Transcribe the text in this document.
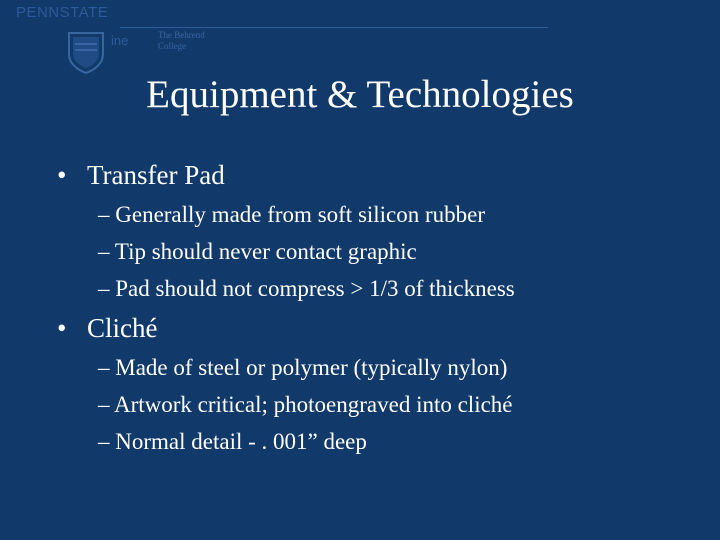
PENNSTATE
ine	The Behrend
College
Equipment & Technologies
• Transfer Pad
– Generally made from soft silicon rubber
– Tip should never contact graphic
– Pad should not compress > 1/3 of thickness
• Cliché
– Made of steel or polymer (typically nylon)
– Artwork critical; photoengraved into cliché
– Normal detail - . 001” deep
